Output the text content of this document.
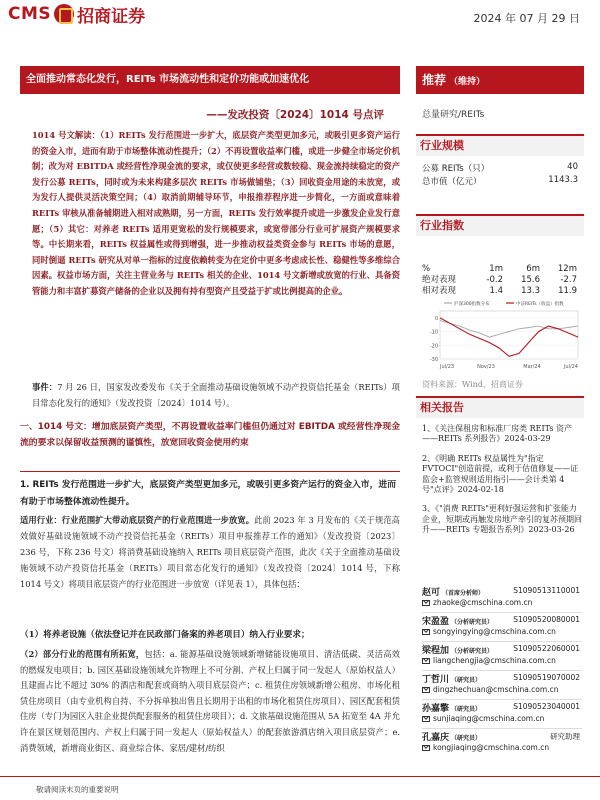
CMS 招商证券	2024 年 07 月 29 日
全面推动常态化发行，REITs 市场流动性和定价功能或加速优化	推荐 （维持）
——发改投资〔2024〕1014 号点评	总量研究/REITs

1014 号文解读：（1）REITs 发行范围进一步扩大，底层资产类型更加多元，或吸引更多资产运行的资金入市，进而有助于市场整体流动性提升；（2）不再设置收益率门槛，或进一步健全市场定价机制；改为对 EBITDA 或经营性净现金流的要求，或仅使更多经营或数较稳、现金流持续稳定的资产发行公募 REITs，同时或为未来构建多层次 REITs 市场做铺垫；（3）回收资金用途的未放宽，或为发行人提供灵活决策空间；（4）取消前期辅导环节，申报推荐程序进一步简化，一方面或意味着 REITs 审核从准备辅期进入相对成熟期，另一方面，REITs 发行效率提升或进一步激发企业发行意愿；（5）其它：对养老 REITs 适用更宽松的发行规模要求，或宽带部分行业可扩展资产规模要求等。中长期来看，REITs 权益属性或得到增强，进一步推动权益类资金参与 REITs 市场的意愿，同时倒逼 REITs 研究从对单一指标的过度依赖转变为在定价中更多考虑成长性、稳健性等多维综合因素。权益市场方面，关注主营业务与 REITs 相关的企业、1014 号文新增或放宽的行业、具备资管能力和丰富扩募资产储备的企业以及拥有持有型资产且受益于扩或比例提高的企业。

事件：7 月 26 日，国家发改委发布《关于全面推动基础设施领域不动产投资信托基金（REITs）项目常态化发行的通知》（发改投资〔2024〕1014 号）。

一、1014 号文：增加底层资产类型，不再设置收益率门槛但仍通过对 EBITDA 或经营性净现金流的要求以保留收益预测的谨慎性，放宽回收资金使用约束

1. REITs 发行范围进一步扩大，底层资产类型更加多元，或吸引更多资产运行的资金入市，进而有助于市场整体流动性提升。

适用行业：行业范围扩大带动底层资产的行业范围进一步放宽。此前 2023 年 3 月发布的《关于规范高效做好基础设施领域不动产投资信托基金（REITs）项目申报推荐工作的通知》（发改投资〔2023〕236 号，下称 236 号文）将消费基础设施纳入 REITs 项目底层资产范围，此次《关于全面推动基础设施领域不动产投资信托基金（REITs）项目常态化发行的通知》（发改投资〔2024〕1014 号，下称 1014 号文）将项目底层资产的行业范围进一步放宽（详见表 1），具体包括：

（1）将养老设施（依法登记并在民政部门备案的养老项目）纳入行业要求；

（2）部分行业的范围有所拓宽，包括：a. 能源基础设施领域新增储能设施项目、清洁低碳、灵活高效的燃煤发电项目；b. 园区基础设施领域允许物理上不可分割、产权上归属于同一发起人（原始权益人）且建面占比不超过 30% 的酒店和配套或商纳入项目底层资产；c. 租赁住房领域新增公租房、市场化租赁住房项目（由专业机构自持、不分拆单独出售且长期用于出租的市场化租赁住房项目）、园区配套租赁住房（专门为园区入驻企业提供配套服务的租赁住房项目）；d. 文旅基础设施范围从 5A 拓宽至 4A 并允许在景区规划范围内、产权上归属于同一发起人（原始权益人）的配套旅游酒店纳入项目底层资产；e. 消费领域，新增商业街区、商业综合体、家居/建材/纺织

行业规模
公募 REITs（只）	40
总市值（亿元）	1143.3
行业指数
%	1m	6m	12m
绝对表现	-0.2	15.6	-2.7
相对表现	1.4	13.3	11.9
0
-10
-20
-30
Jul/23	Nov/23	Mar/24	Jul/24
沪深300指数分布	中证REITs（收盘）指数
资料来源：Wind、招商证券
相关报告

1、《关注保租房和标准厂房类 REITs 资产——REITs 系列报告》2024-03-29

2、《明确 REITs 权益属性为"指定 FVTOCI"创造前提，或利于估值修复——证监会+监管规则适用指引——会计类第 4 号"点评》2024-02-18

3、《"消费 REITs"更利好强运营和扩张能力企业，短期或再触发房地产牵引的复苏预期回升——REITs 专题报告系列》2023-03-26

赵可 （首席分析师）	S1090513110001
zhaoke@cmschina.com.cn
宋盈盈 （分析研究员）	S1090520080001
songyingying@cmschina.com.cn
梁程加 （分析研究员）	S1090522060001
liangchengjia@cmschina.com.cn
丁哲川 （研究员）	S1090519070002
dingzhechuan@cmschina.com.cn
孙嘉擎 （研究员）	S1090523040001
sunjiaqing@cmschina.com.cn
孔嘉庆 （研究员）	研究助理
kongjiaqing@cmschina.com.cn
敬请阅读末页的重要说明
